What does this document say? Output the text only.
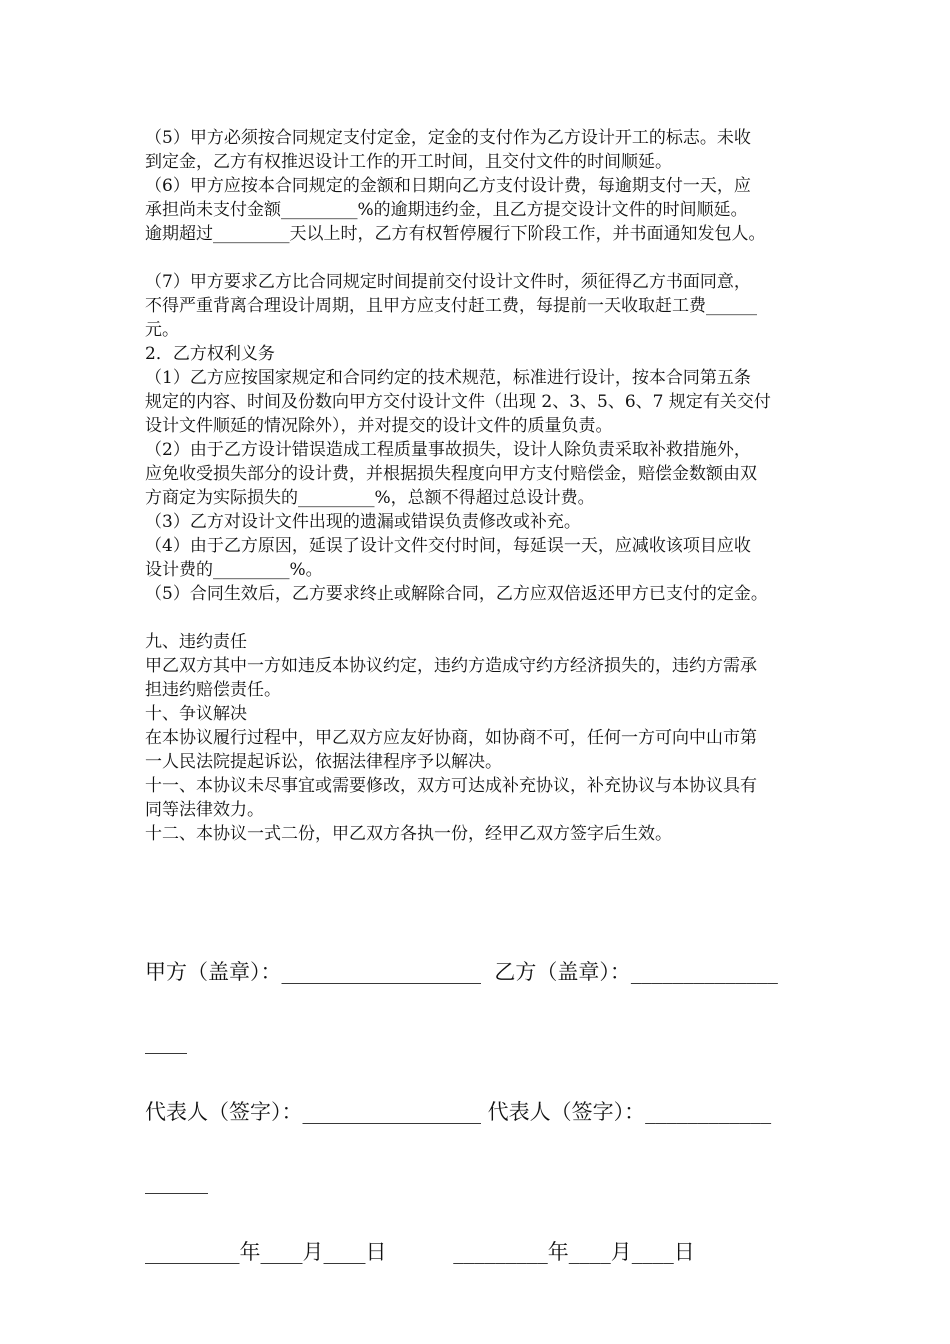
（5）甲方必须按合同规定支付定金，定金的支付作为乙方设计开工的标志。未收
到定金，乙方有权推迟设计工作的开工时间，且交付文件的时间顺延。
（6）甲方应按本合同规定的金额和日期向乙方支付设计费，每逾期支付一天，应
承担尚未支付金额_________%的逾期违约金，且乙方提交设计文件的时间顺延。
逾期超过_________天以上时，乙方有权暂停履行下阶段工作，并书面通知发包人。
（7）甲方要求乙方比合同规定时间提前交付设计文件时，须征得乙方书面同意，
不得严重背离合理设计周期，且甲方应支付赶工费，每提前一天收取赶工费______
元。
2．乙方权利义务
（1）乙方应按国家规定和合同约定的技术规范，标准进行设计，按本合同第五条
规定的内容、时间及份数向甲方交付设计文件（出现 2、3、5、6、7 规定有关交付
设计文件顺延的情况除外），并对提交的设计文件的质量负责。
（2）由于乙方设计错误造成工程质量事故损失，设计人除负责采取补救措施外，
应免收受损失部分的设计费，并根据损失程度向甲方支付赔偿金，赔偿金数额由双
方商定为实际损失的_________%，总额不得超过总设计费。
（3）乙方对设计文件出现的遗漏或错误负责修改或补充。
（4）由于乙方原因，延误了设计文件交付时间，每延误一天，应减收该项目应收
设计费的_________%。
（5）合同生效后，乙方要求终止或解除合同，乙方应双倍返还甲方已支付的定金。
九、违约责任
甲乙双方其中一方如违反本协议约定，违约方造成守约方经济损失的，违约方需承
担违约赔偿责任。
十、争议解决
在本协议履行过程中，甲乙双方应友好协商，如协商不可，任何一方可向中山市第
一人民法院提起诉讼，依据法律程序予以解决。
十一、本协议未尽事宜或需要修改，双方可达成补充协议，补充协议与本协议具有
同等法律效力。
十二、本协议一式二份，甲乙双方各执一份，经甲乙双方签字后生效。
甲方（盖章）：___________________  乙方（盖章）：______________
____
代表人（签字）：_________________ 代表人（签字）：____________
______
_________年____月____日          _________年____月____日
